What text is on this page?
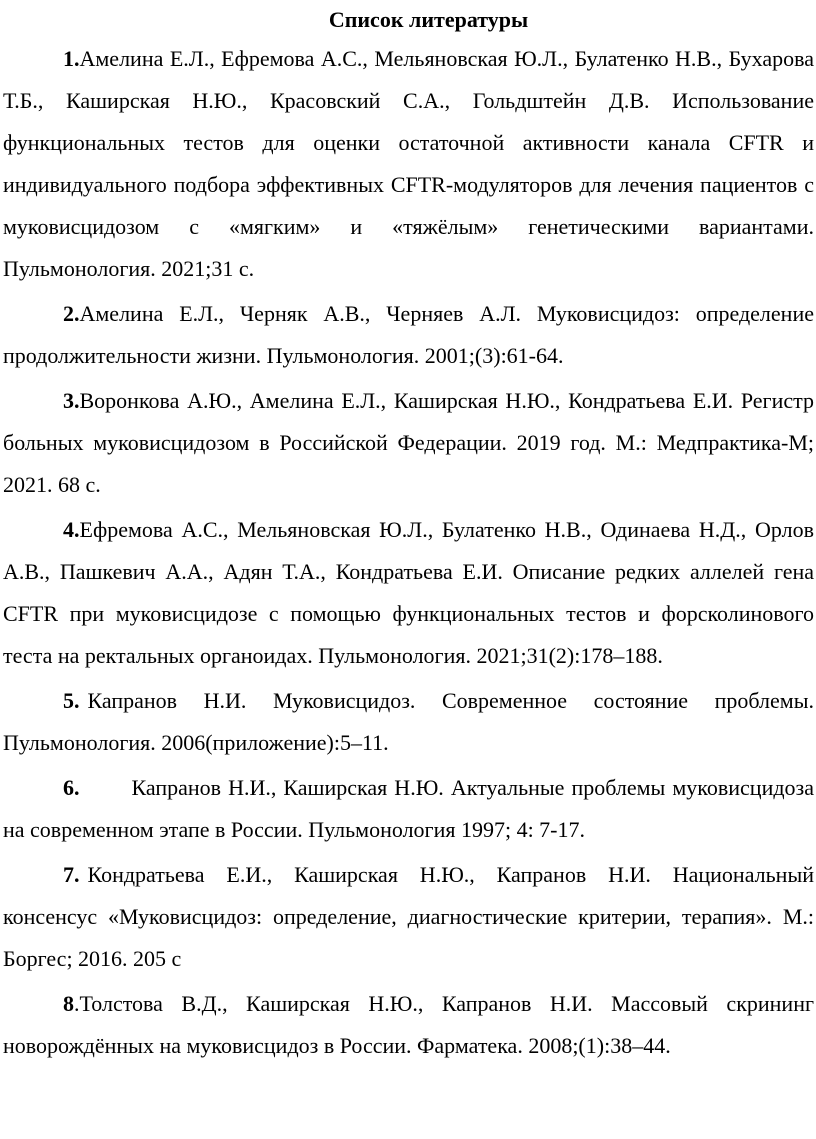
Список литературы

1.Амелина Е.Л., Ефремова А.С., Мельяновская Ю.Л., Булатенко Н.В., Бухарова Т.Б., Каширская Н.Ю., Красовский С.А., Гольдштейн Д.В. Использование функциональных тестов для оценки остаточной активности канала CFTR и индивидуального подбора эффективных CFTR-модуляторов для лечения пациентов с муковисцидозом с «мягким» и «тяжёлым» генетическими вариантами. Пульмонология. 2021;31 с.

2.Амелина Е.Л., Черняк А.В., Черняев А.Л. Муковисцидоз: определение продолжительности жизни. Пульмонология. 2001;(3):61-64.

3.Воронкова А.Ю., Амелина Е.Л., Каширская Н.Ю., Кондратьева Е.И. Регистр больных муковисцидозом в Российской Федерации. 2019 год. М.: Медпрактика-М; 2021. 68 с.

4.Ефремова А.С., Мельяновская Ю.Л., Булатенко Н.В., Одинаева Н.Д., Орлов А.В., Пашкевич А.А., Адян Т.А., Кондратьева Е.И. Описание редких аллелей гена CFTR при муковисцидозе с помощью функциональных тестов и форсколинового теста на ректальных органоидах. Пульмонология. 2021;31(2):178–188.

5. Капранов Н.И. Муковисцидоз. Современное состояние проблемы. Пульмонология. 2006(приложение):5–11.

6. Капранов Н.И., Каширская Н.Ю. Актуальные проблемы муковисцидоза на современном этапе в России. Пульмонология 1997; 4: 7-17.

7. Кондратьева Е.И., Каширская Н.Ю., Капранов Н.И. Национальный консенсус «Муковисцидоз: определение, диагностические критерии, терапия». М.: Боргес; 2016. 205 с

8.Толстова В.Д., Каширская Н.Ю., Капранов Н.И. Массовый скрининг новорождённых на муковисцидоз в России. Фарматека. 2008;(1):38–44.
